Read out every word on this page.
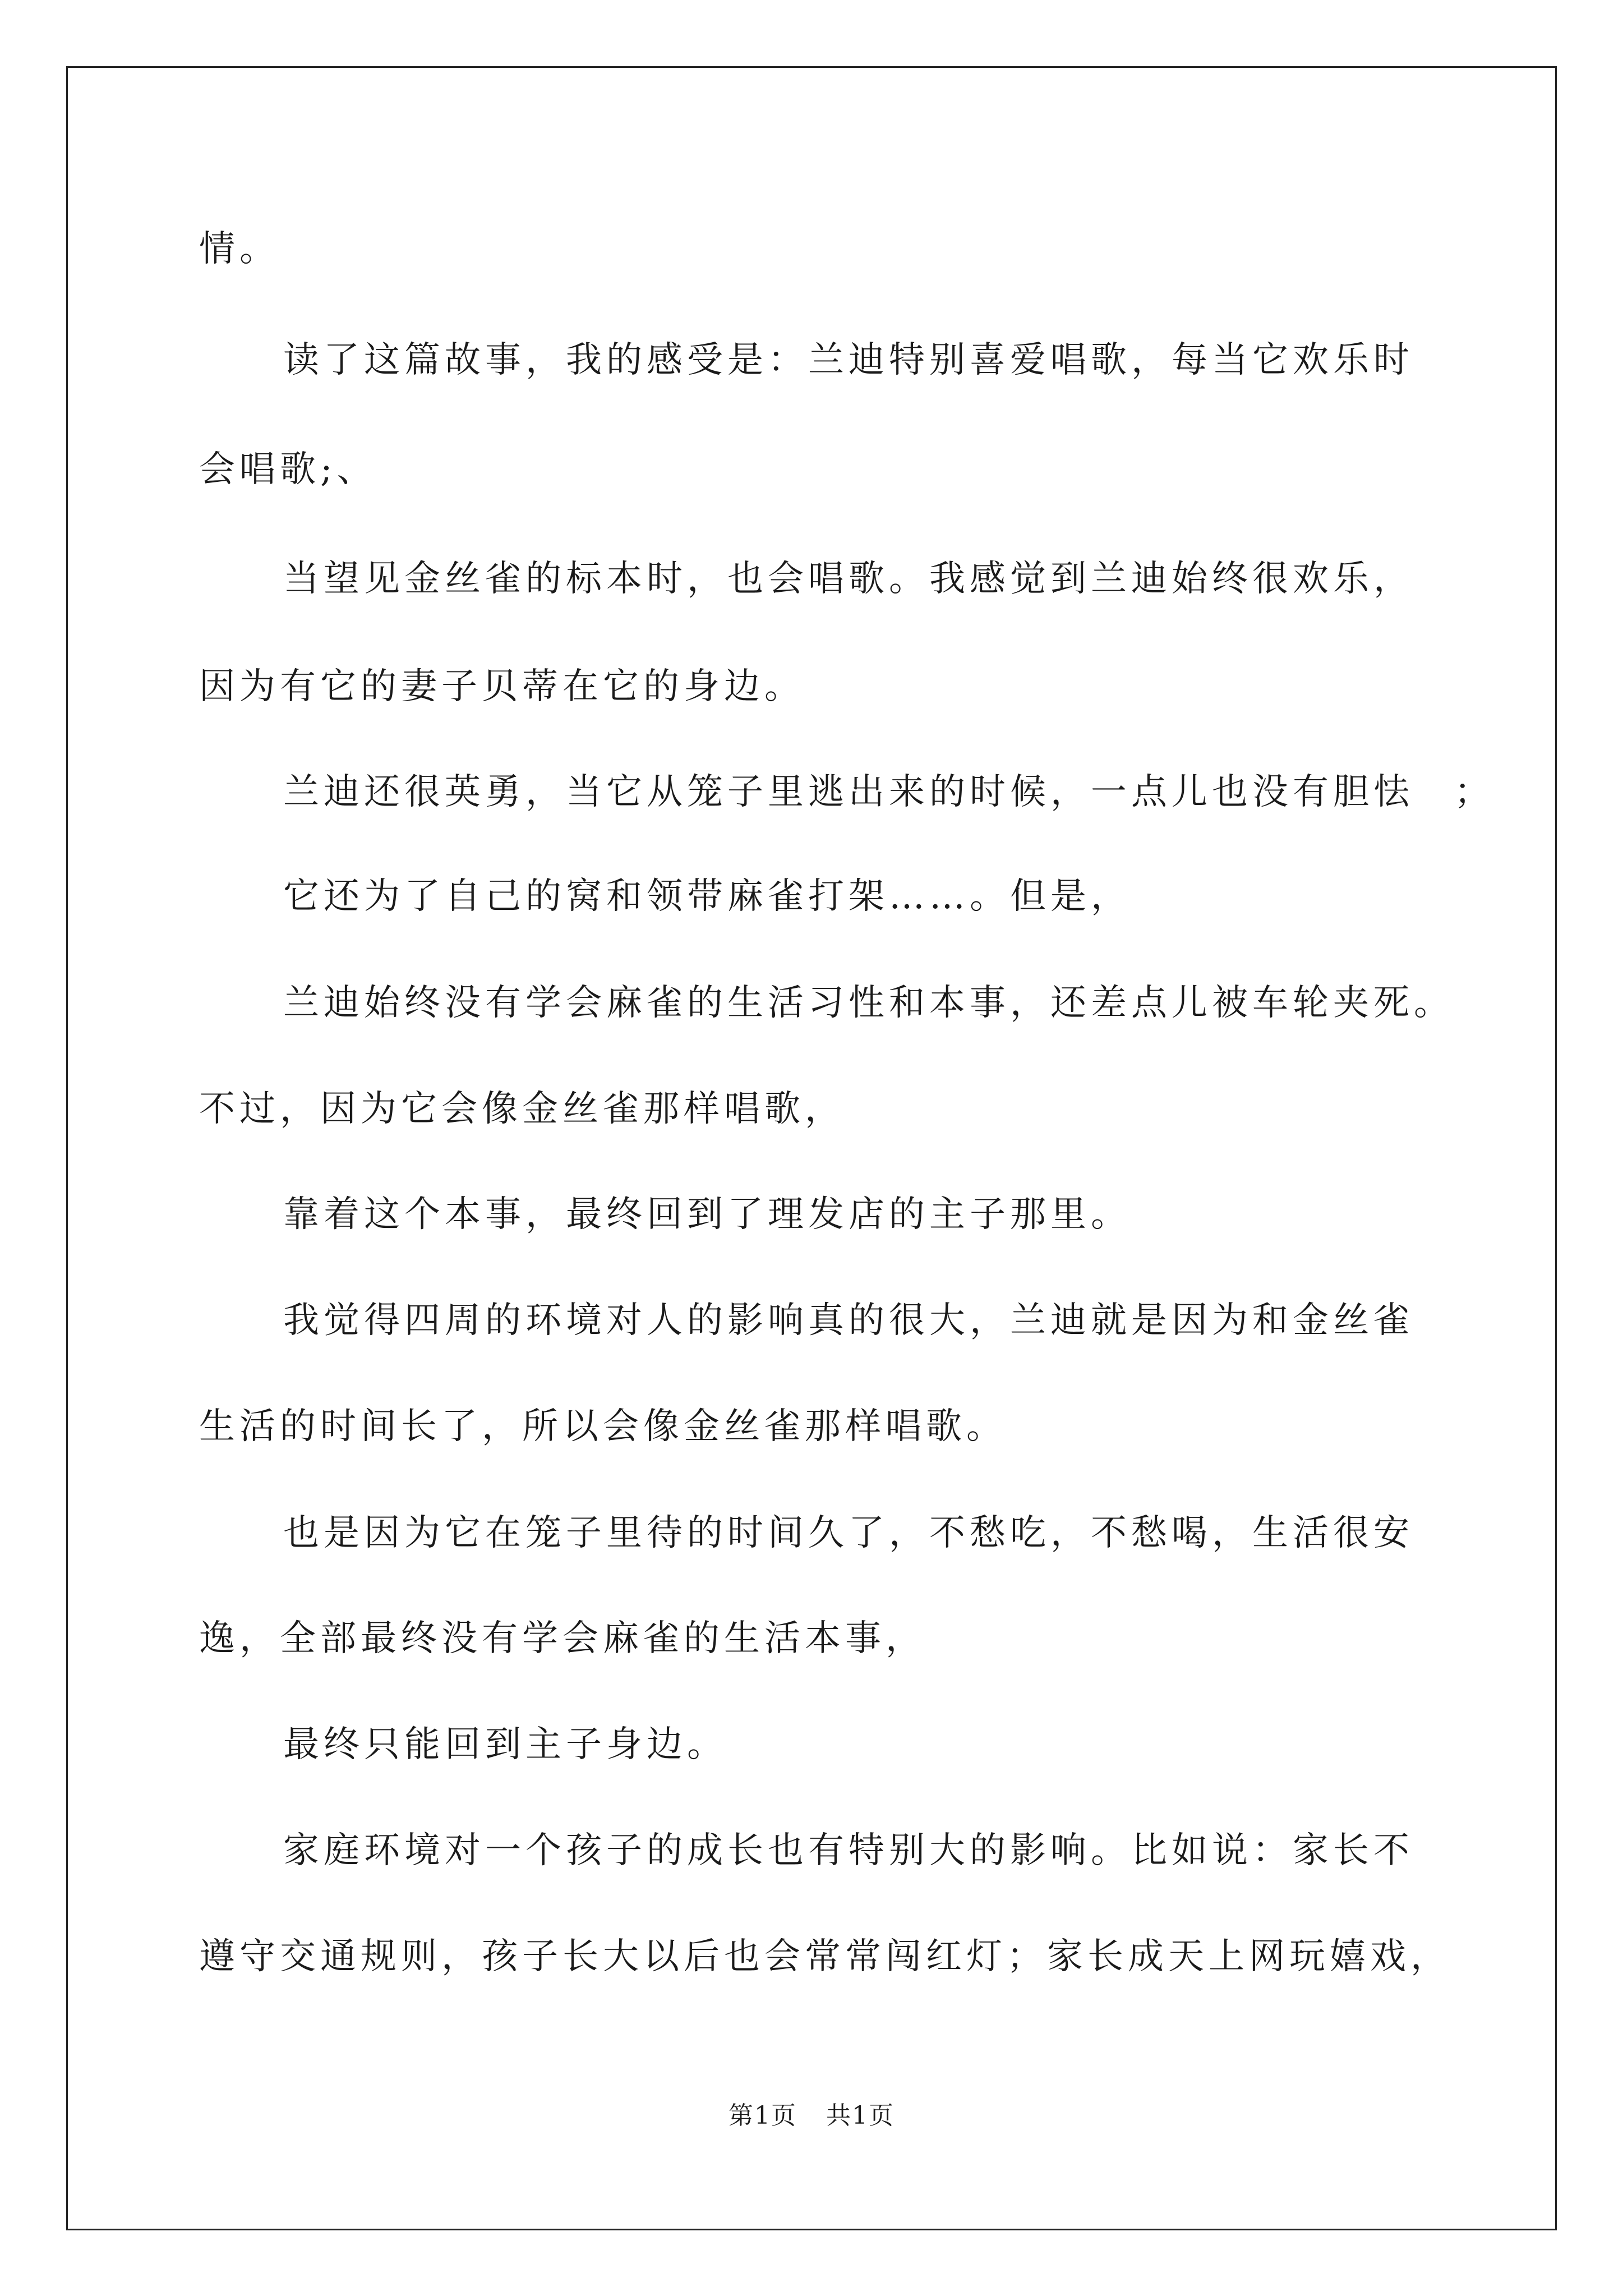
情。
读了这篇故事，我的感受是：兰迪特别喜爱唱歌，每当它欢乐时
会唱歌;、
当望见金丝雀的标本时，也会唱歌。我感觉到兰迪始终很欢乐，
因为有它的妻子贝蒂在它的身边。
兰迪还很英勇，当它从笼子里逃出来的时候，一点儿也没有胆怯　；
它还为了自己的窝和领带麻雀打架……。但是，
兰迪始终没有学会麻雀的生活习性和本事，还差点儿被车轮夹死。
不过，因为它会像金丝雀那样唱歌，
靠着这个本事，最终回到了理发店的主子那里。
我觉得四周的环境对人的影响真的很大，兰迪就是因为和金丝雀
生活的时间长了，所以会像金丝雀那样唱歌。
也是因为它在笼子里待的时间久了，不愁吃，不愁喝，生活很安
逸，全部最终没有学会麻雀的生活本事，
最终只能回到主子身边。
家庭环境对一个孩子的成长也有特别大的影响。比如说：家长不
遵守交通规则，孩子长大以后也会常常闯红灯；家长成天上网玩嬉戏，
第1页 共1页
